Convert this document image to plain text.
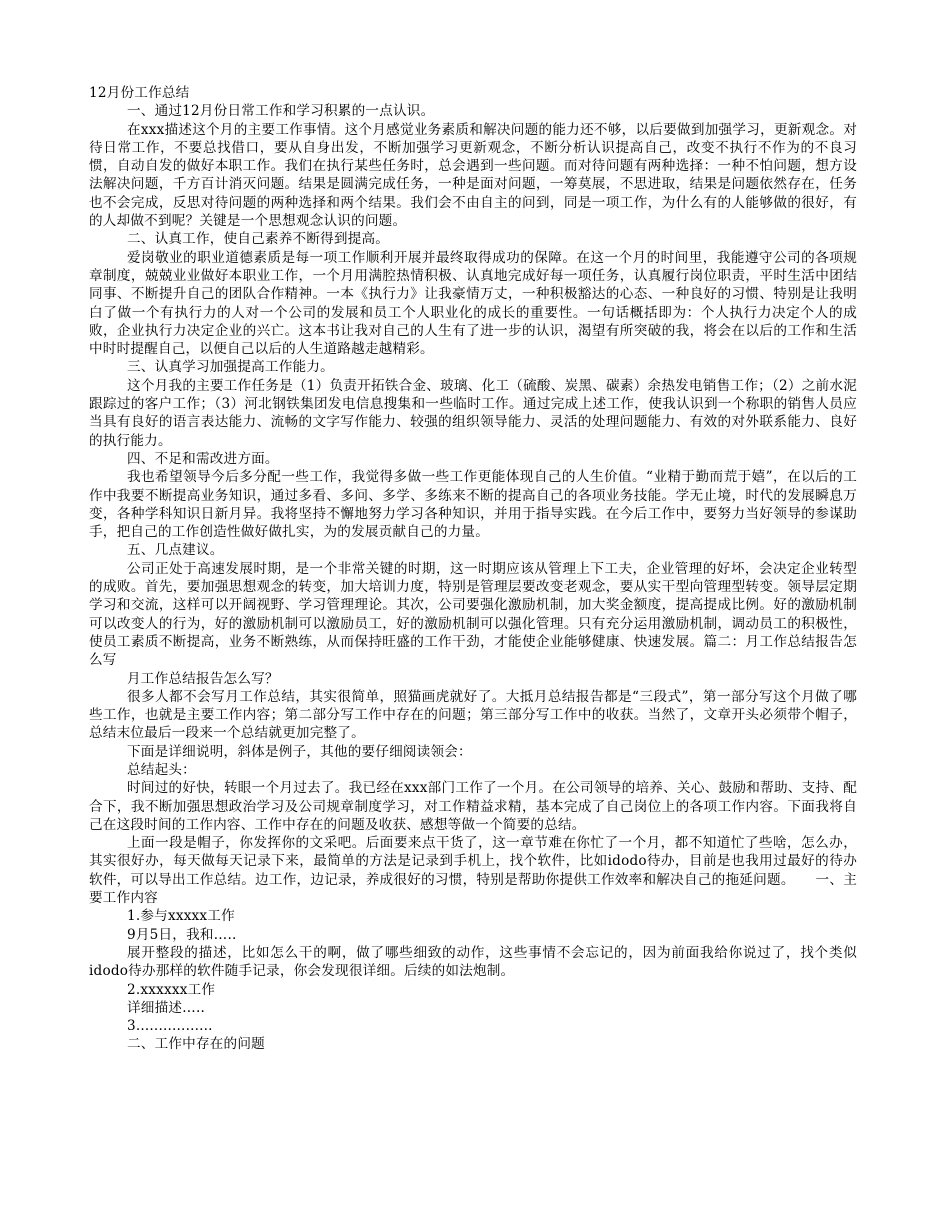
12月份工作总结

一、通过12月份日常工作和学习积累的一点认识。

在xxx描述这个月的主要工作事情。这个月感觉业务素质和解决问题的能力还不够，以后要做到加强学习，更新观念。对待日常工作，不要总找借口，要从自身出发，不断加强学习更新观念，不断分析认识提高自己，改变不执行不作为的不良习惯，自动自发的做好本职工作。我们在执行某些任务时，总会遇到一些问题。而对待问题有两种选择：一种不怕问题，想方设法解决问题，千方百计消灭问题。结果是圆满完成任务，一种是面对问题，一筹莫展，不思进取，结果是问题依然存在，任务也不会完成，反思对待问题的两种选择和两个结果。我们会不由自主的问到，同是一项工作，为什么有的人能够做的很好，有的人却做不到呢？关键是一个思想观念认识的问题。

二、认真工作，使自己素养不断得到提高。

爱岗敬业的职业道德素质是每一项工作顺利开展并最终取得成功的保障。在这一个月的时间里，我能遵守公司的各项规章制度，兢兢业业做好本职业工作，一个月用满腔热情积极、认真地完成好每一项任务，认真履行岗位职责，平时生活中团结同事、不断提升自己的团队合作精神。一本《执行力》让我豪情万丈，一种积极豁达的心态、一种良好的习惯、特别是让我明白了做一个有执行力的人对一个公司的发展和员工个人职业化的成长的重要性。一句话概括即为：个人执行力决定个人的成败，企业执行力决定企业的兴亡。这本书让我对自己的人生有了进一步的认识，渴望有所突破的我，将会在以后的工作和生活中时时提醒自己，以便自己以后的人生道路越走越精彩。

三、认真学习加强提高工作能力。

这个月我的主要工作任务是（1）负责开拓铁合金、玻璃、化工（硫酸、炭黑、碳素）余热发电销售工作；（2）之前水泥跟踪过的客户工作；（3）河北钢铁集团发电信息搜集和一些临时工作。通过完成上述工作，使我认识到一个称职的销售人员应当具有良好的语言表达能力、流畅的文字写作能力、较强的组织领导能力、灵活的处理问题能力、有效的对外联系能力、良好的执行能力。

四、不足和需改进方面。

我也希望领导今后多分配一些工作，我觉得多做一些工作更能体现自己的人生价值。“业精于勤而荒于嬉”，在以后的工作中我要不断提高业务知识，通过多看、多问、多学、多练来不断的提高自己的各项业务技能。学无止境，时代的发展瞬息万变，各种学科知识日新月异。我将坚持不懈地努力学习各种知识，并用于指导实践。在今后工作中，要努力当好领导的参谋助手，把自己的工作创造性做好做扎实，为的发展贡献自己的力量。

五、几点建议。

公司正处于高速发展时期，是一个非常关键的时期，这一时期应该从管理上下工夫，企业管理的好坏，会决定企业转型的成败。首先，要加强思想观念的转变，加大培训力度，特别是管理层要改变老观念，要从实干型向管理型转变。领导层定期学习和交流，这样可以开阔视野、学习管理理论。其次，公司要强化激励机制，加大奖金额度，提高提成比例。好的激励机制可以改变人的行为，好的激励机制可以激励员工，好的激励机制可以强化管理。只有充分运用激励机制，调动员工的积极性，使员工素质不断提高，业务不断熟练，从而保持旺盛的工作干劲，才能使企业能够健康、快速发展。篇二：月工作总结报告怎么写

月工作总结报告怎么写？

很多人都不会写月工作总结，其实很简单，照猫画虎就好了。大抵月总结报告都是“三段式”，第一部分写这个月做了哪些工作，也就是主要工作内容；第二部分写工作中存在的问题；第三部分写工作中的收获。当然了，文章开头必须带个帽子，总结末位最后一段来一个总结就更加完整了。

下面是详细说明，斜体是例子，其他的要仔细阅读领会：

总结起头：

时间过的好快，转眼一个月过去了。我已经在xxx部门工作了一个月。在公司领导的培养、关心、鼓励和帮助、支持、配合下，我不断加强思想政治学习及公司规章制度学习，对工作精益求精，基本完成了自己岗位上的各项工作内容。下面我将自己在这段时间的工作内容、工作中存在的问题及收获、感想等做一个简要的总结。

上面一段是帽子，你发挥你的文采吧。后面要来点干货了，这一章节难在你忙了一个月，都不知道忙了些啥，怎么办，其实很好办，每天做每天记录下来，最简单的方法是记录到手机上，找个软件，比如idodo待办，目前是也我用过最好的待办软件，可以导出工作总结。边工作，边记录，养成很好的习惯，特别是帮助你提供工作效率和解决自己的拖延问题。　　一、主要工作内容

1.参与xxxxx工作

9月5日，我和…..

展开整段的描述，比如怎么干的啊，做了哪些细致的动作，这些事情不会忘记的，因为前面我给你说过了，找个类似idodo待办那样的软件随手记录，你会发现很详细。后续的如法炮制。

2.xxxxxx工作

详细描述…..

3.................

二、工作中存在的问题
